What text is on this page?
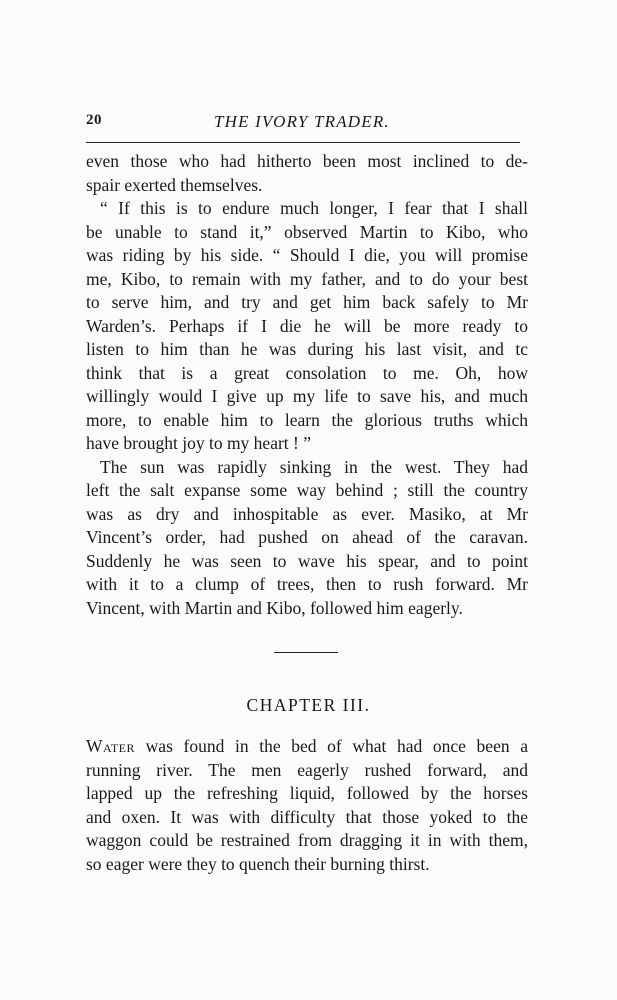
20	THE IVORY TRADER.
even those who had hitherto been most inclined to de-
spair exerted themselves.
“ If this is to endure much longer, I fear that I shall
be unable to stand it,” observed Martin to Kibo, who
was riding by his side. “ Should I die, you will promise
me, Kibo, to remain with my father, and to do your best
to serve him, and try and get him back safely to Mr
Warden’s. Perhaps if I die he will be more ready to
listen to him than he was during his last visit, and tc
think that is a great consolation to me. Oh, how
willingly would I give up my life to save his, and much
more, to enable him to learn the glorious truths which
have brought joy to my heart ! ”
The sun was rapidly sinking in the west. They had
left the salt expanse some way behind ; still the country
was as dry and inhospitable as ever. Masiko, at Mr
Vincent’s order, had pushed on ahead of the caravan.
Suddenly he was seen to wave his spear, and to point
with it to a clump of trees, then to rush forward. Mr
Vincent, with Martin and Kibo, followed him eagerly.
CHAPTER III.
Water was found in the bed of what had once been a
running river. The men eagerly rushed forward, and
lapped up the refreshing liquid, followed by the horses
and oxen. It was with difficulty that those yoked to the
waggon could be restrained from dragging it in with them,
so eager were they to quench their burning thirst.
